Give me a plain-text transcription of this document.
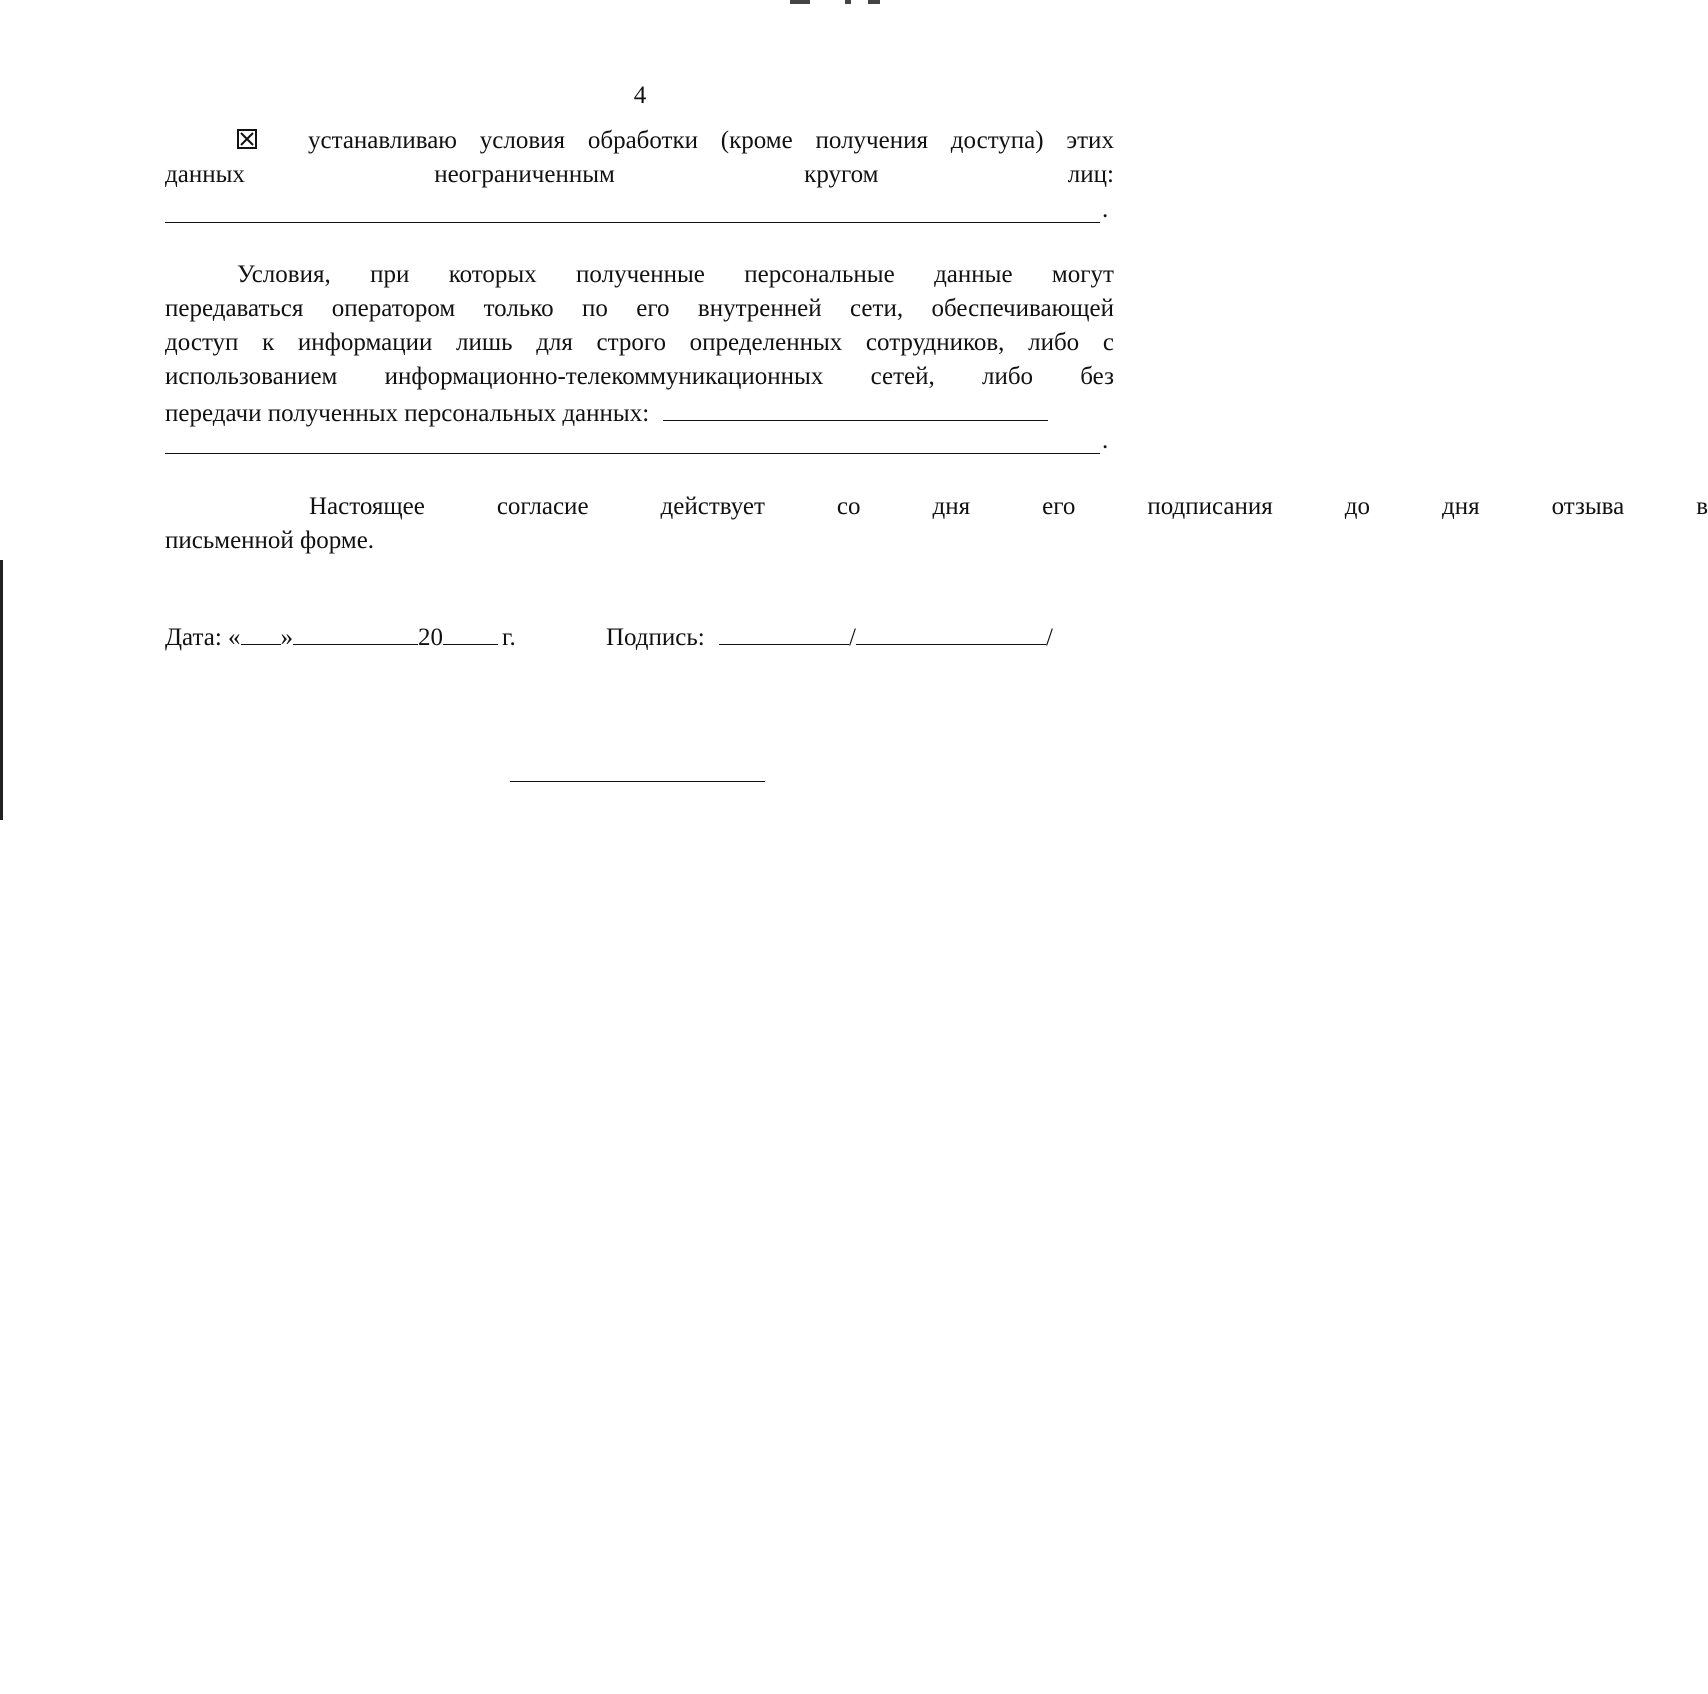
4
устанавливаю условия обработки (кроме получения доступа) этих
данных	неограниченным	кругом	лиц:
.
Условия, при которых полученные персональные данные могут
передаваться оператором только по его внутренней сети, обеспечивающей
доступ к информации лишь для строго определенных сотрудников, либо с
использованием информационно-телекоммуникационных сетей, либо без
передачи полученных персональных данных:
.
Настоящее	согласие	действует	со	дня	его	подписания	до	дня	отзыва	в
письменной форме.
Дата: « »	20 г.	Подпись:	/	/
